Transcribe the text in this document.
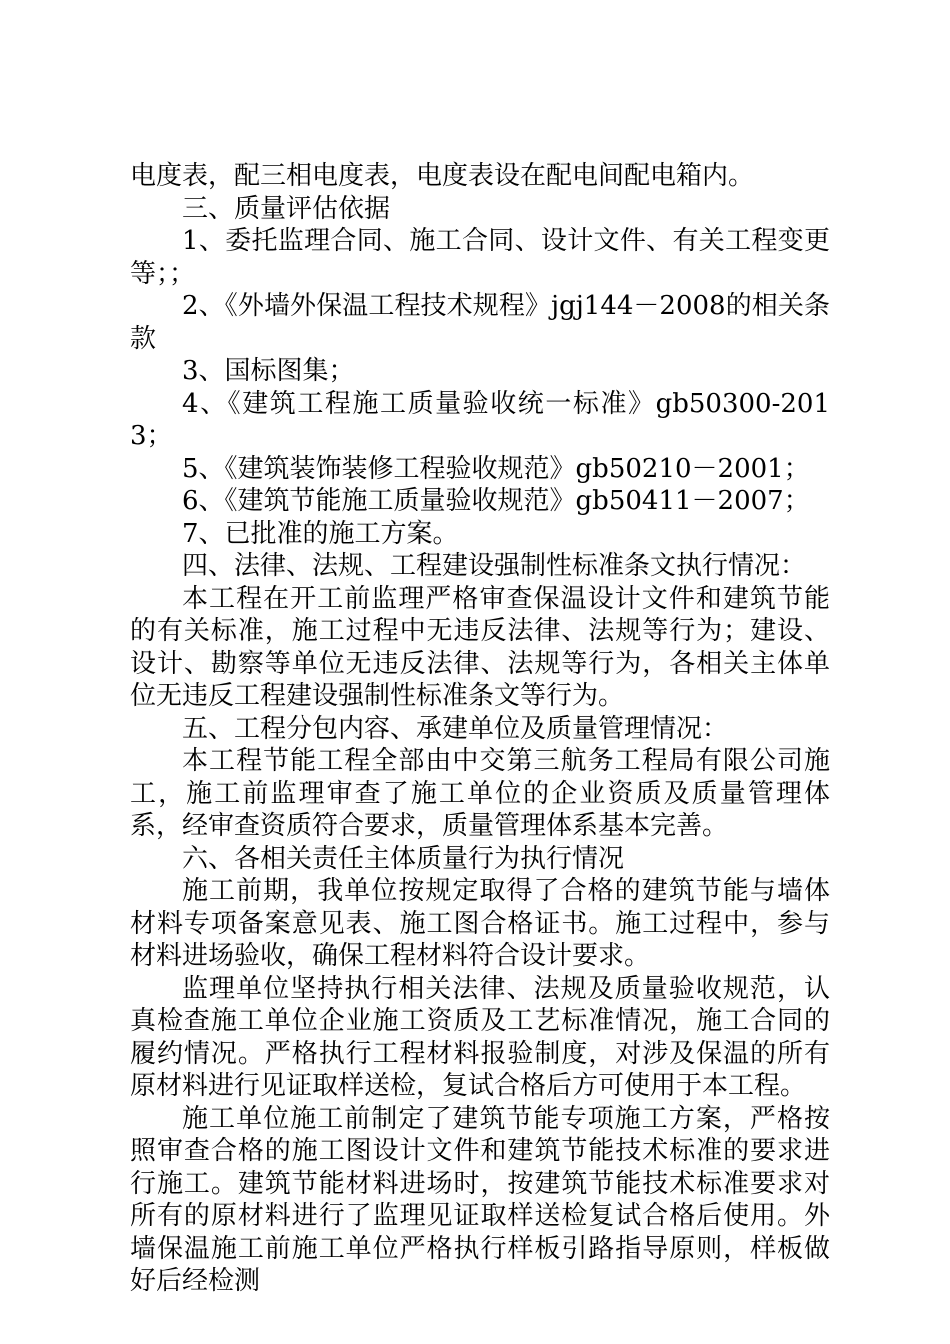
电度表，配三相电度表，电度表设在配电间配电箱内。

三、质量评估依据

1、委托监理合同、施工合同、设计文件、有关工程变更等；；

2、《外墙外保温工程技术规程》jgj144－2008的相关条款

3、国标图集；

4、《建筑工程施工质量验收统一标准》gb50300-2013；

5、《建筑装饰装修工程验收规范》gb50210－2001；

6、《建筑节能施工质量验收规范》gb50411－2007；

7、已批准的施工方案。

四、法律、法规、工程建设强制性标准条文执行情况：

本工程在开工前监理严格审查保温设计文件和建筑节能的有关标准，施工过程中无违反法律、法规等行为；建设、设计、勘察等单位无违反法律、法规等行为，各相关主体单位无违反工程建设强制性标准条文等行为。

五、工程分包内容、承建单位及质量管理情况：

本工程节能工程全部由中交第三航务工程局有限公司施工，施工前监理审查了施工单位的企业资质及质量管理体系，经审查资质符合要求，质量管理体系基本完善。

六、各相关责任主体质量行为执行情况

施工前期，我单位按规定取得了合格的建筑节能与墙体材料专项备案意见表、施工图合格证书。施工过程中，参与材料进场验收，确保工程材料符合设计要求。

监理单位坚持执行相关法律、法规及质量验收规范，认真检查施工单位企业施工资质及工艺标准情况，施工合同的履约情况。严格执行工程材料报验制度，对涉及保温的所有原材料进行见证取样送检，复试合格后方可使用于本工程。

施工单位施工前制定了建筑节能专项施工方案，严格按照审查合格的施工图设计文件和建筑节能技术标准的要求进行施工。建筑节能材料进场时，按建筑节能技术标准要求对所有的原材料进行了监理见证取样送检复试合格后使用。外墙保温施工前施工单位严格执行样板引路指导原则，样板做好后经检测
